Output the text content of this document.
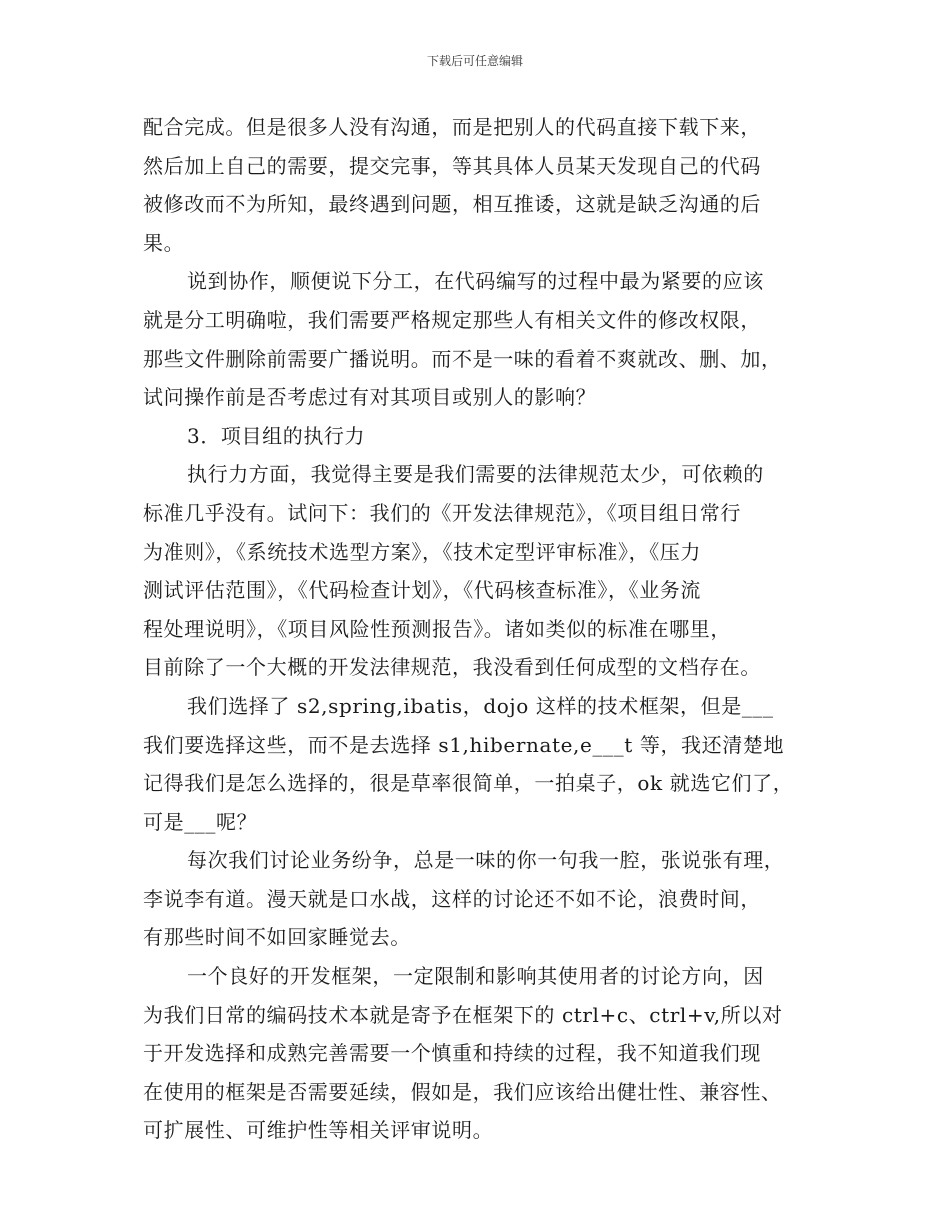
下载后可任意编辑
配合完成。但是很多人没有沟通，而是把别人的代码直接下载下来，
然后加上自己的需要，提交完事，等其具体人员某天发现自己的代码
被修改而不为所知，最终遇到问题，相互推诿，这就是缺乏沟通的后
果。
说到协作，顺便说下分工，在代码编写的过程中最为紧要的应该
就是分工明确啦，我们需要严格规定那些人有相关文件的修改权限，
那些文件删除前需要广播说明。而不是一味的看着不爽就改、删、加，
试问操作前是否考虑过有对其项目或别人的影响？
3．项目组的执行力
执行力方面，我觉得主要是我们需要的法律规范太少，可依赖的
标准几乎没有。试问下：我们的《开发法律规范》，《项目组日常行
为准则》，《系统技术选型方案》，《技术定型评审标准》，《压力
测试评估范围》，《代码检查计划》，《代码核查标准》，《业务流
程处理说明》，《项目风险性预测报告》。诸如类似的标准在哪里，
目前除了一个大概的开发法律规范，我没看到任何成型的文档存在。
我们选择了 s2,spring,ibatis，dojo 这样的技术框架，但是___
我们要选择这些，而不是去选择 s1,hibernate,e___t 等，我还清楚地
记得我们是怎么选择的，很是草率很简单，一拍桌子，ok 就选它们了，
可是___呢？
每次我们讨论业务纷争，总是一味的你一句我一腔，张说张有理，
李说李有道。漫天就是口水战，这样的讨论还不如不论，浪费时间，
有那些时间不如回家睡觉去。
一个良好的开发框架，一定限制和影响其使用者的讨论方向，因
为我们日常的编码技术本就是寄予在框架下的 ctrl+c、ctrl+v,所以对
于开发选择和成熟完善需要一个慎重和持续的过程，我不知道我们现
在使用的框架是否需要延续，假如是，我们应该给出健壮性、兼容性、
可扩展性、可维护性等相关评审说明。
